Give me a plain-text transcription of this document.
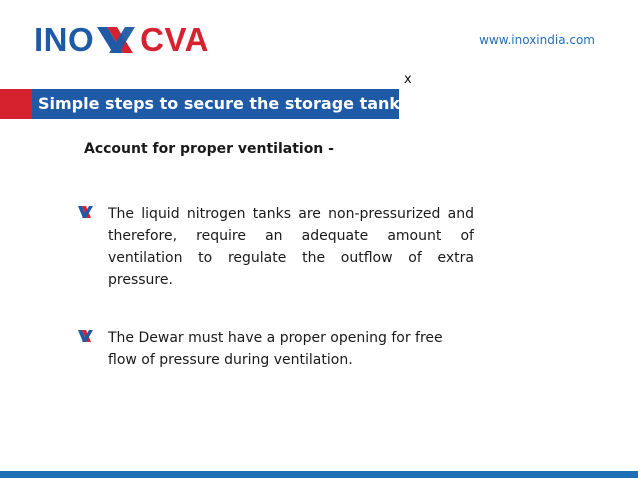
INO CVA	www.inoxindia.com
x
Simple steps to secure the storage tanks
Account for proper ventilation -
The liquid nitrogen tanks are non-pressurized and therefore, require an adequate amount of ventilation to regulate the outflow of extra pressure.
The Dewar must have a proper opening for free flow of pressure during ventilation.
